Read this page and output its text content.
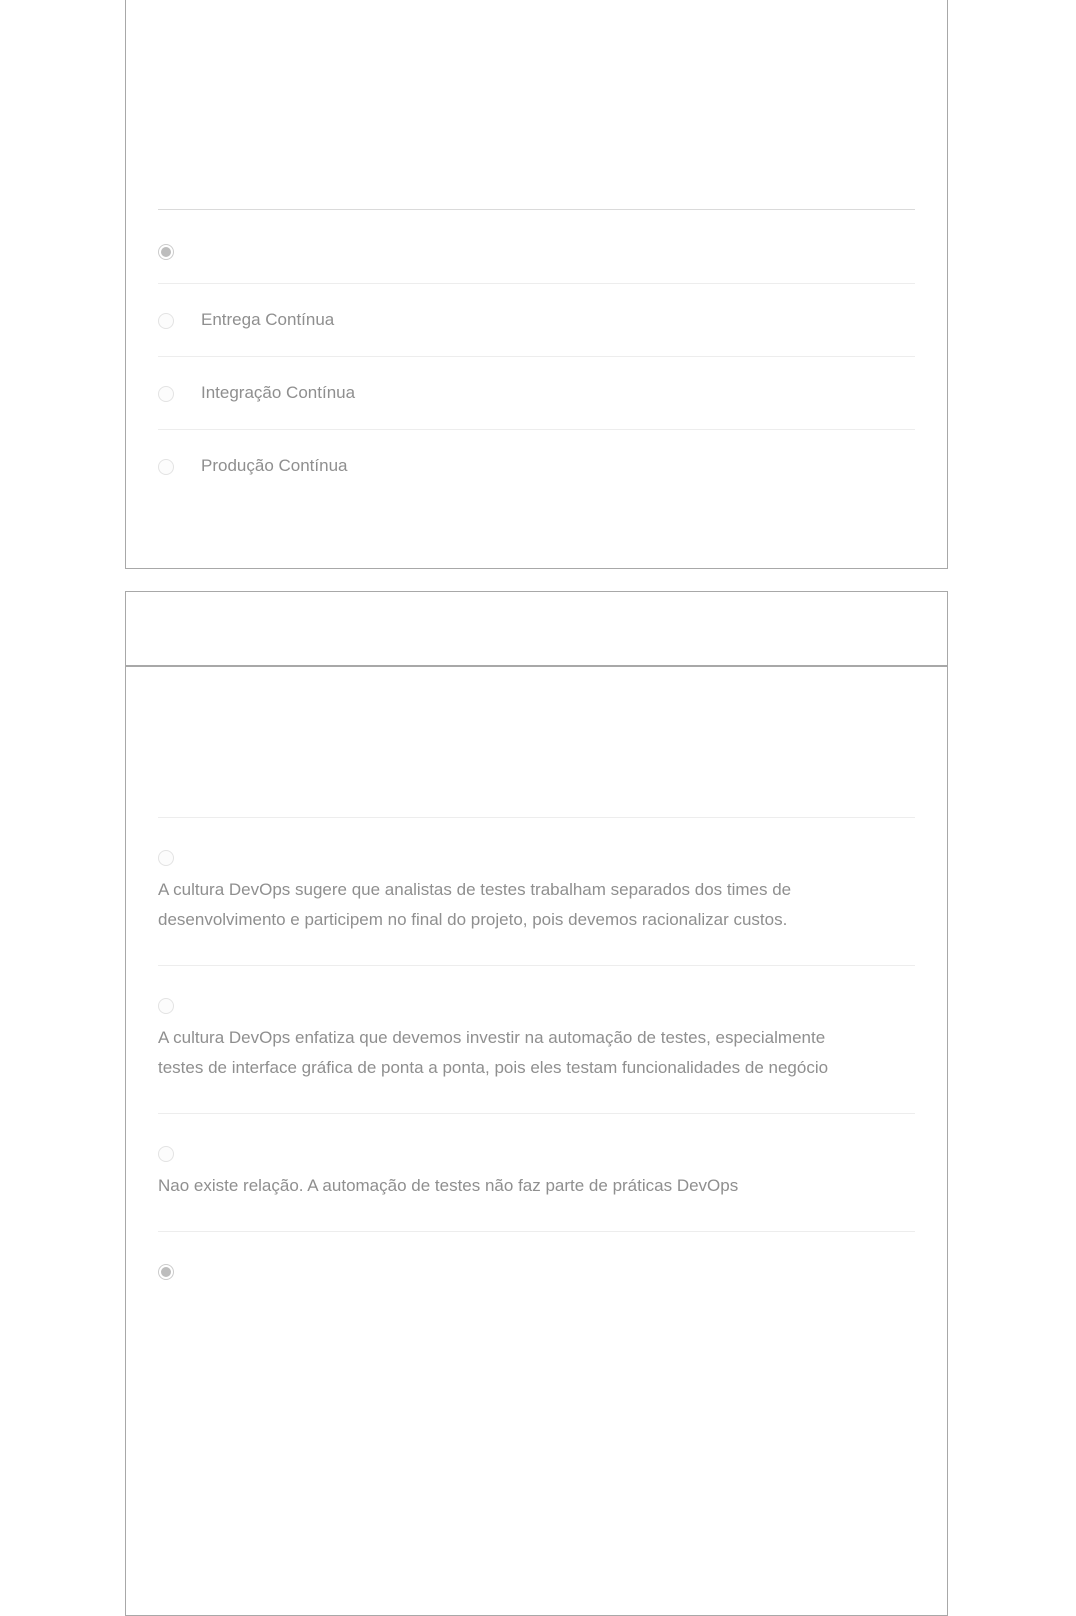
Entrega Contínua
Integração Contínua
Produção Contínua
A cultura DevOps sugere que analistas de testes trabalham separados dos times de desenvolvimento e participem no final do projeto, pois devemos racionalizar custos.
A cultura DevOps enfatiza que devemos investir na automação de testes, especialmente testes de interface gráfica de ponta a ponta, pois eles testam funcionalidades de negócio
Nao existe relação. A automação de testes não faz parte de práticas DevOps
